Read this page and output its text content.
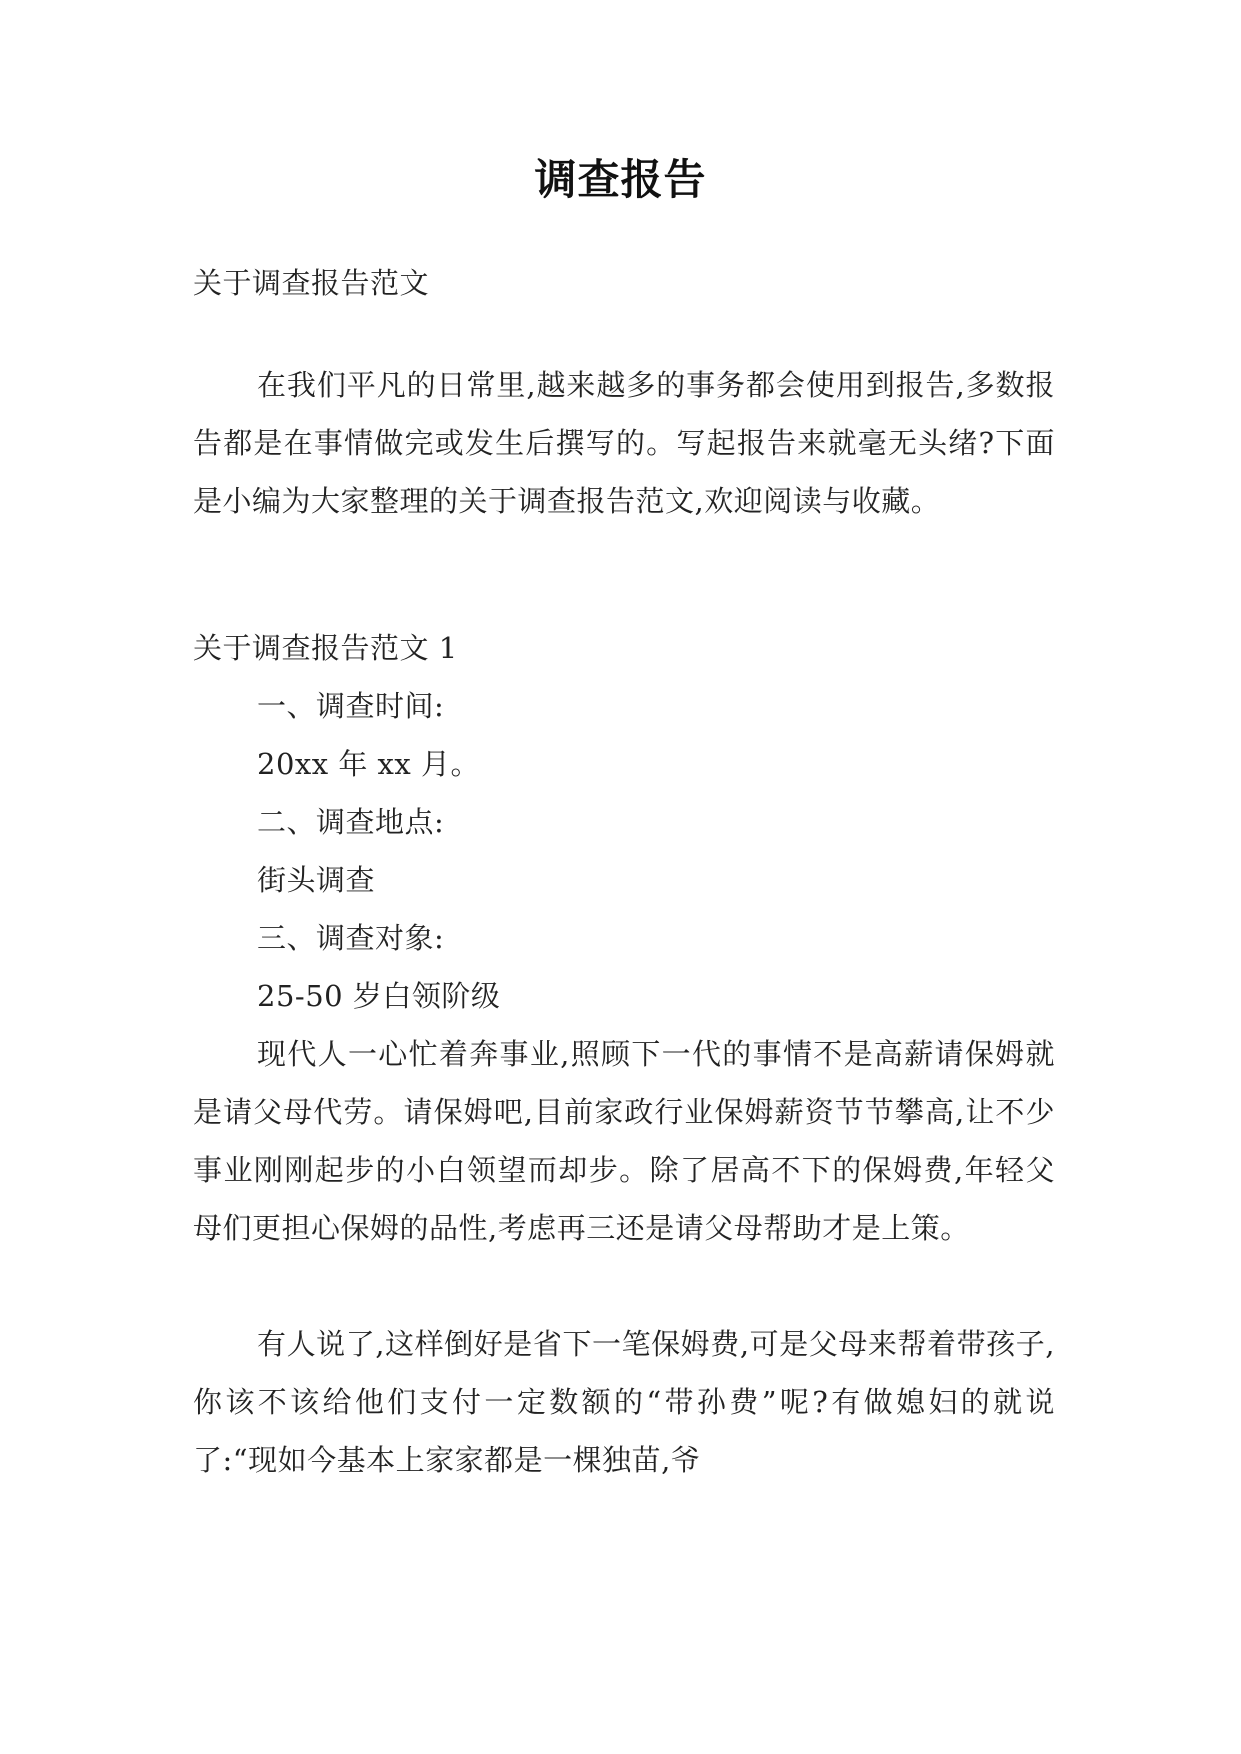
调查报告
关于调查报告范文
在我们平凡的日常里,越来越多的事务都会使用到报告,多数报告都是在事情做完或发生后撰写的。写起报告来就毫无头绪?下面是小编为大家整理的关于调查报告范文,欢迎阅读与收藏。
关于调查报告范文 1
一、调查时间:
20xx 年 xx 月。
二、调查地点:
街头调查
三、调查对象:
25-50 岁白领阶级
现代人一心忙着奔事业,照顾下一代的事情不是高薪请保姆就是请父母代劳。请保姆吧,目前家政行业保姆薪资节节攀高,让不少事业刚刚起步的小白领望而却步。除了居高不下的保姆费,年轻父母们更担心保姆的品性,考虑再三还是请父母帮助才是上策。
有人说了,这样倒好是省下一笔保姆费,可是父母来帮着带孩子,你该不该给他们支付一定数额的“带孙费”呢?有做媳妇的就说了:“现如今基本上家家都是一棵独苗,爷
